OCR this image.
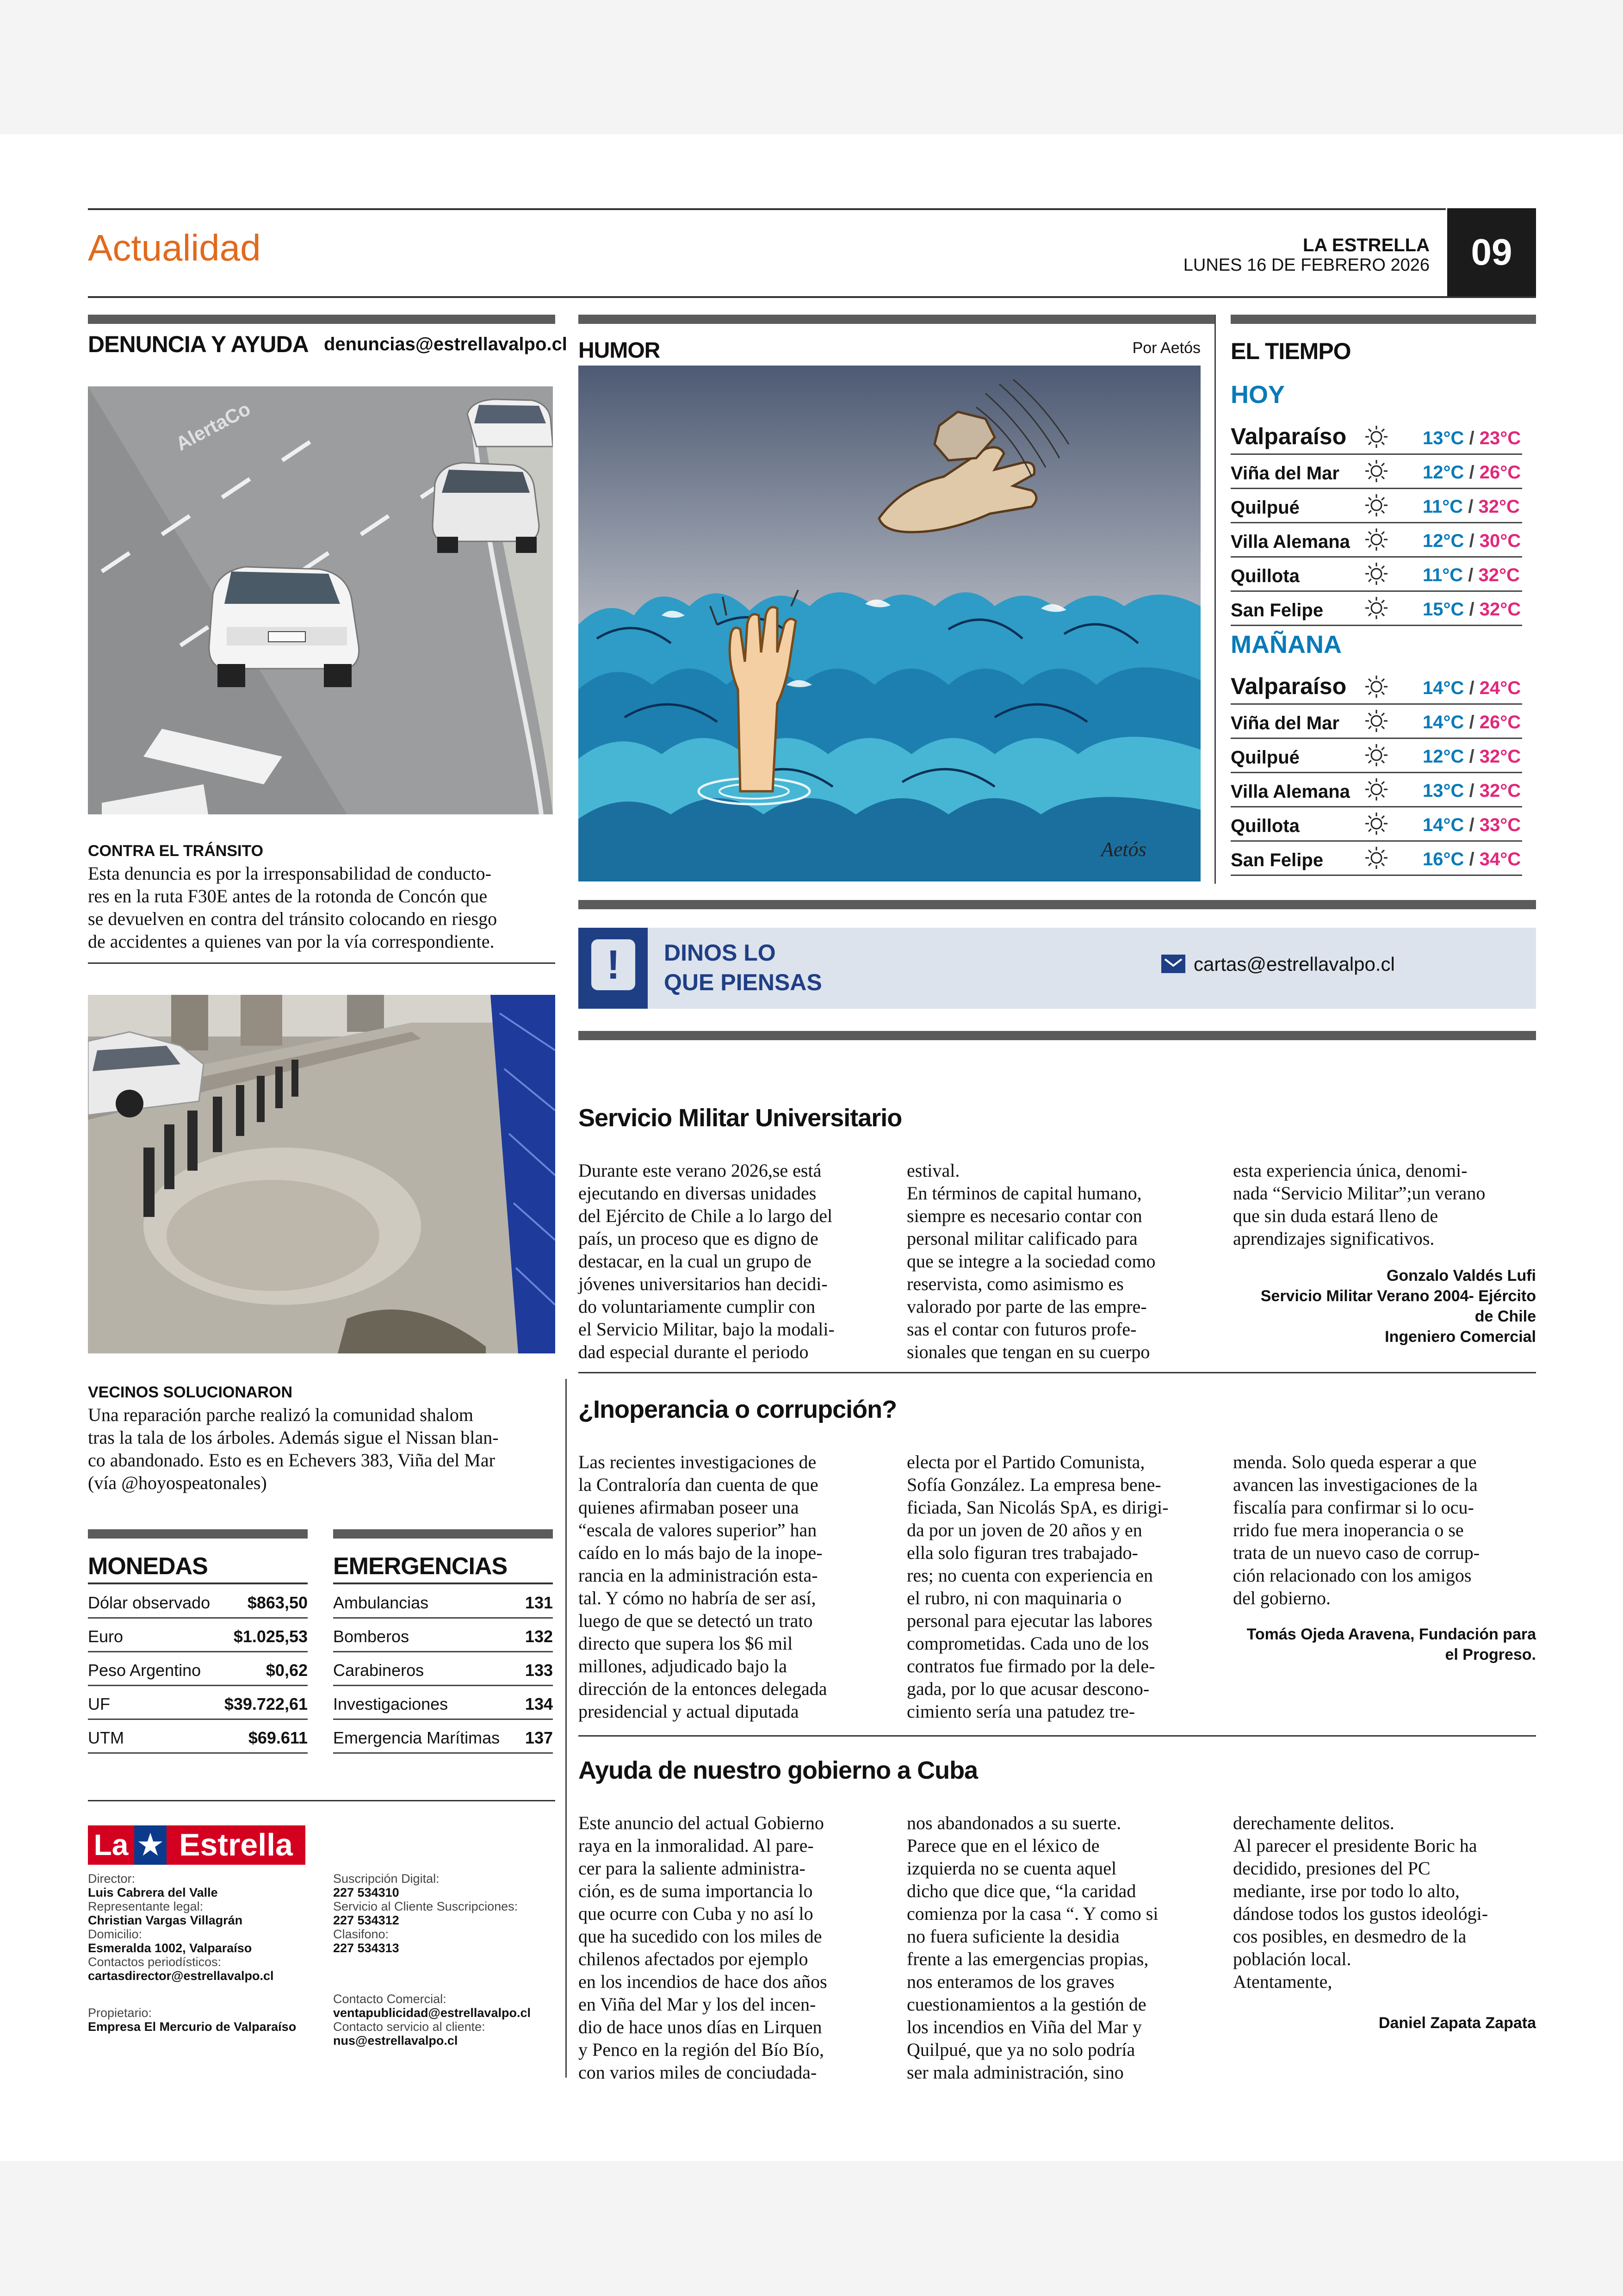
Actualidad	LA ESTRELLA
LUNES 16 DE FEBRERO 2026	09
DENUNCIA Y AYUDA denuncias@estrellavalpo.cl
AlertaCo
CONTRA EL TRÁNSITO
Esta denuncia es por la irresponsabilidad de conducto-
res en la ruta F30E antes de la rotonda de Concón que
se devuelven en contra del tránsito colocando en riesgo
de accidentes a quienes van por la vía correspondiente.
VECINOS SOLUCIONARON
Una reparación parche realizó la comunidad shalom
tras la tala de los árboles. Además sigue el Nissan blan-
co abandonado. Esto es en Echevers 383, Viña del Mar
(vía @hoyospeatonales)
MONEDAS
Dólar observado $863,50
Euro	$1.025,53
Peso Argentino	$0,62
UF	$39.722,61
UTM	$69.611
EMERGENCIAS
Ambulancias	131
Bomberos	132
Carabineros	133
Investigaciones	134
Emergencia Marítimas 137
La ★ Estrella
Director:
Luis Cabrera del Valle
Representante legal:
Christian Vargas Villagrán
Domicilio:
Esmeralda 1002, Valparaíso
Contactos periodísticos:
cartasdirector@estrellavalpo.cl
Propietario:
Empresa El Mercurio de Valparaíso
Suscripción Digital:
227 534310
Servicio al Cliente Suscripciones:
227 534312
Clasifono:
227 534313
Contacto Comercial:
ventapublicidad@estrellavalpo.cl
Contacto servicio al cliente:
nus@estrellavalpo.cl
HUMOR	Por Aetós
Aetós
EL TIEMPO
HOY
MAÑANA
Valparaíso	13°C / 23°C
Viña del Mar	12°C / 26°C
Quilpué	11°C / 32°C
Villa Alemana	12°C / 30°C
Quillota	11°C / 32°C
San Felipe	15°C / 32°C
Valparaíso	14°C / 24°C
Viña del Mar	14°C / 26°C
Quilpué	12°C / 32°C
Villa Alemana	13°C / 32°C
Quillota	14°C / 33°C
San Felipe	16°C / 34°C
!	DINOS LO
QUE PIENSAS
cartas@estrellavalpo.cl
Servicio Militar Universitario
Durante este verano 2026,se está
ejecutando en diversas unidades
del Ejército de Chile a lo largo del
país, un proceso que es digno de
destacar, en la cual un grupo de
jóvenes universitarios han decidi-
do voluntariamente cumplir con
el Servicio Militar, bajo la modali-
dad especial durante el periodo
estival.
En términos de capital humano,
siempre es necesario contar con
personal militar calificado para
que se integre a la sociedad como
reservista, como asimismo es
valorado por parte de las empre-
sas el contar con futuros profe-
sionales que tengan en su cuerpo
esta experiencia única, denomi-
nada “Servicio Militar”;un verano
que sin duda estará lleno de
aprendizajes significativos.
Gonzalo Valdés Lufi
Servicio Militar Verano 2004- Ejército
de Chile
Ingeniero Comercial
¿Inoperancia o corrupción?
Las recientes investigaciones de
la Contraloría dan cuenta de que
quienes afirmaban poseer una
“escala de valores superior” han
caído en lo más bajo de la inope-
rancia en la administración esta-
tal. Y cómo no habría de ser así,
luego de que se detectó un trato
directo que supera los $6 mil
millones, adjudicado bajo la
dirección de la entonces delegada
presidencial y actual diputada
electa por el Partido Comunista,
Sofía González. La empresa bene-
ficiada, San Nicolás SpA, es dirigi-
da por un joven de 20 años y en
ella solo figuran tres trabajado-
res; no cuenta con experiencia en
el rubro, ni con maquinaria o
personal para ejecutar las labores
comprometidas. Cada uno de los
contratos fue firmado por la dele-
gada, por lo que acusar descono-
cimiento sería una patudez tre-
menda. Solo queda esperar a que
avancen las investigaciones de la
fiscalía para confirmar si lo ocu-
rrido fue mera inoperancia o se
trata de un nuevo caso de corrup-
ción relacionado con los amigos
del gobierno.
Tomás Ojeda Aravena, Fundación para
el Progreso.
Ayuda de nuestro gobierno a Cuba
Este anuncio del actual Gobierno
raya en la inmoralidad. Al pare-
cer para la saliente administra-
ción, es de suma importancia lo
que ocurre con Cuba y no así lo
que ha sucedido con los miles de
chilenos afectados por ejemplo
en los incendios de hace dos años
en Viña del Mar y los del incen-
dio de hace unos días en Lirquen
y Penco en la región del Bío Bío,
con varios miles de conciudada-
nos abandonados a su suerte.
Parece que en el léxico de
izquierda no se cuenta aquel
dicho que dice que, “la caridad
comienza por la casa “. Y como si
no fuera suficiente la desidia
frente a las emergencias propias,
nos enteramos de los graves
cuestionamientos a la gestión de
los incendios en Viña del Mar y
Quilpué, que ya no solo podría
ser mala administración, sino
derechamente delitos.
Al parecer el presidente Boric ha
decidido, presiones del PC
mediante, irse por todo lo alto,
dándose todos los gustos ideológi-
cos posibles, en desmedro de la
población local.
Atentamente,
Daniel Zapata Zapata
